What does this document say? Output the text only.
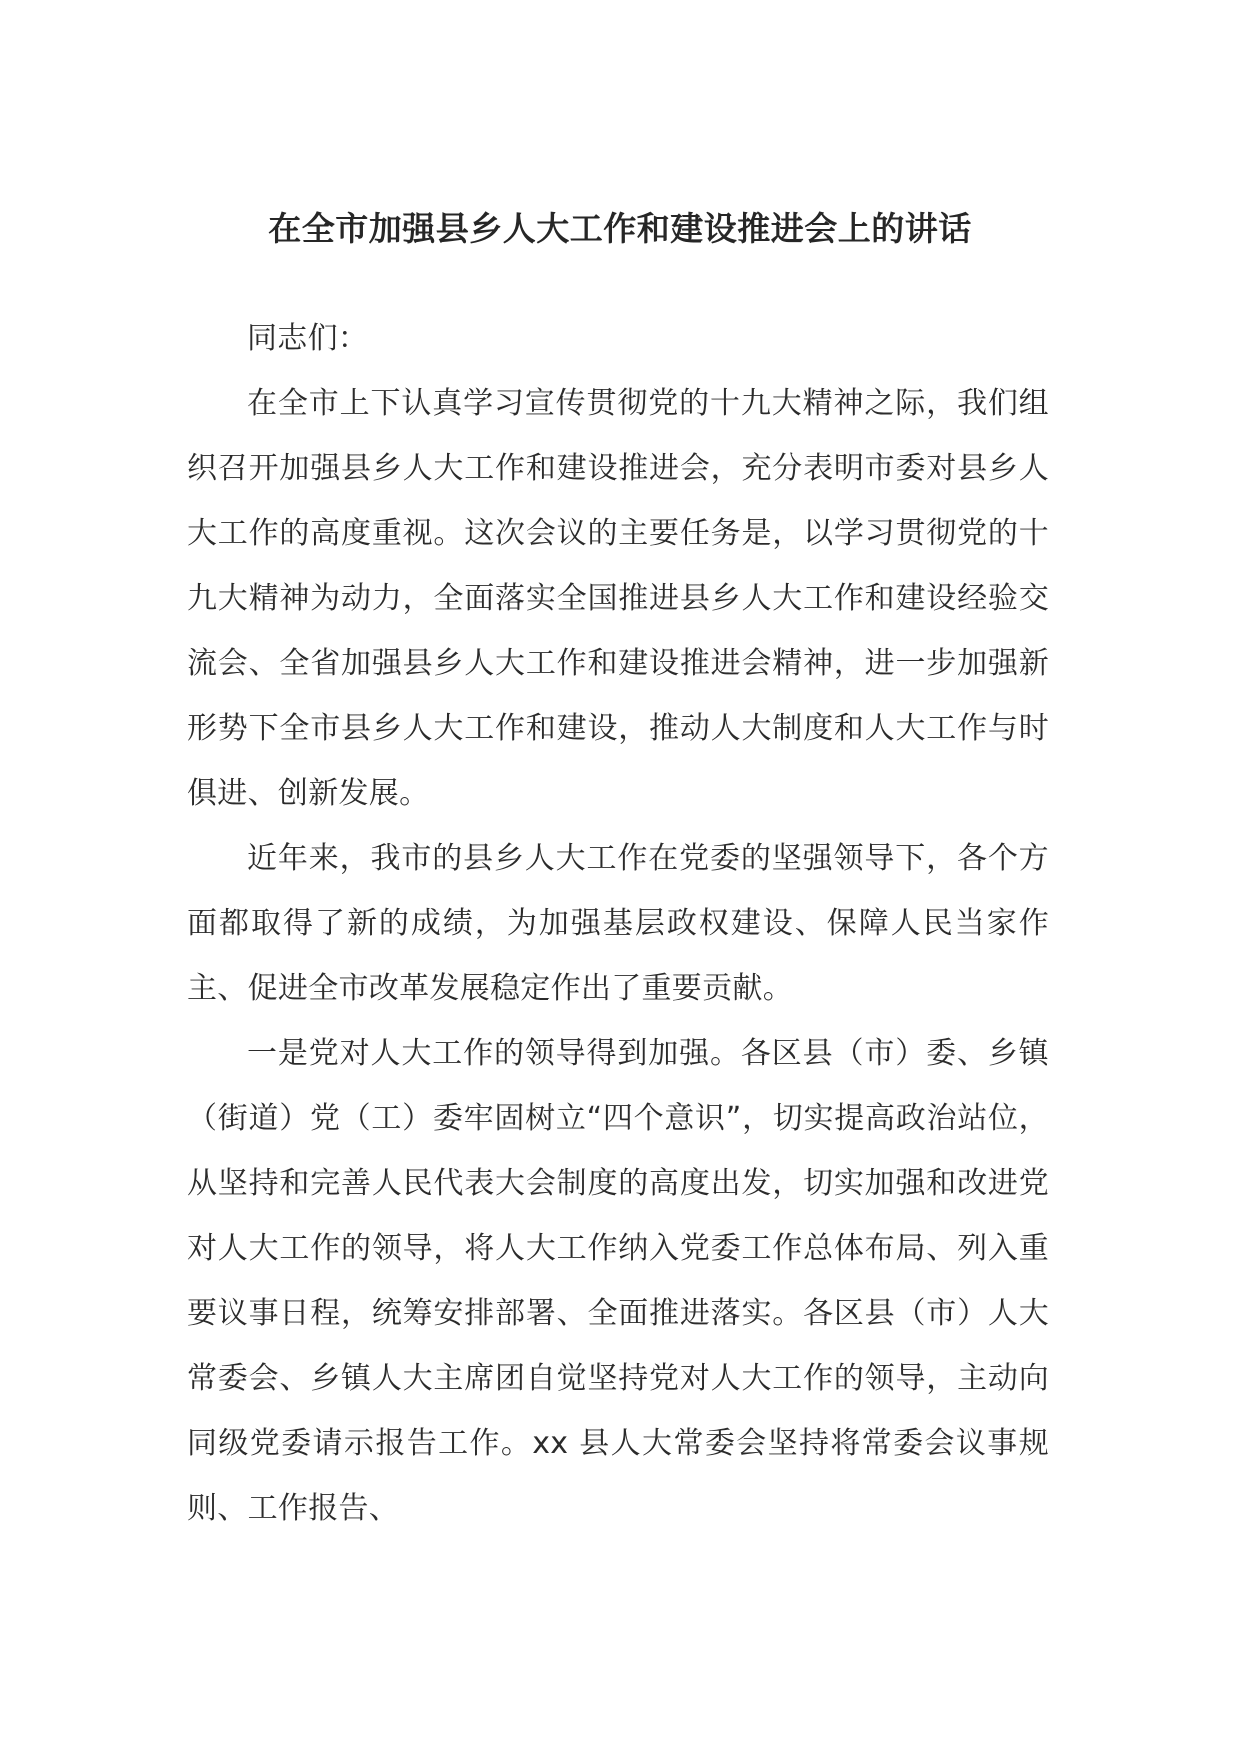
在全市加强县乡人大工作和建设推进会上的讲话

同志们：

在全市上下认真学习宣传贯彻党的十九大精神之际，我们组织召开加强县乡人大工作和建设推进会，充分表明市委对县乡人大工作的高度重视。这次会议的主要任务是，以学习贯彻党的十九大精神为动力，全面落实全国推进县乡人大工作和建设经验交流会、全省加强县乡人大工作和建设推进会精神，进一步加强新形势下全市县乡人大工作和建设，推动人大制度和人大工作与时俱进、创新发展。

近年来，我市的县乡人大工作在党委的坚强领导下，各个方面都取得了新的成绩，为加强基层政权建设、保障人民当家作主、促进全市改革发展稳定作出了重要贡献。

一是党对人大工作的领导得到加强。各区县（市）委、乡镇（街道）党（工）委牢固树立“四个意识”，切实提高政治站位，从坚持和完善人民代表大会制度的高度出发，切实加强和改进党对人大工作的领导，将人大工作纳入党委工作总体布局、列入重要议事日程，统筹安排部署、全面推进落实。各区县（市）人大常委会、乡镇人大主席团自觉坚持党对人大工作的领导，主动向同级党委请示报告工作。xx 县人大常委会坚持将常委会议事规则、工作报告、
